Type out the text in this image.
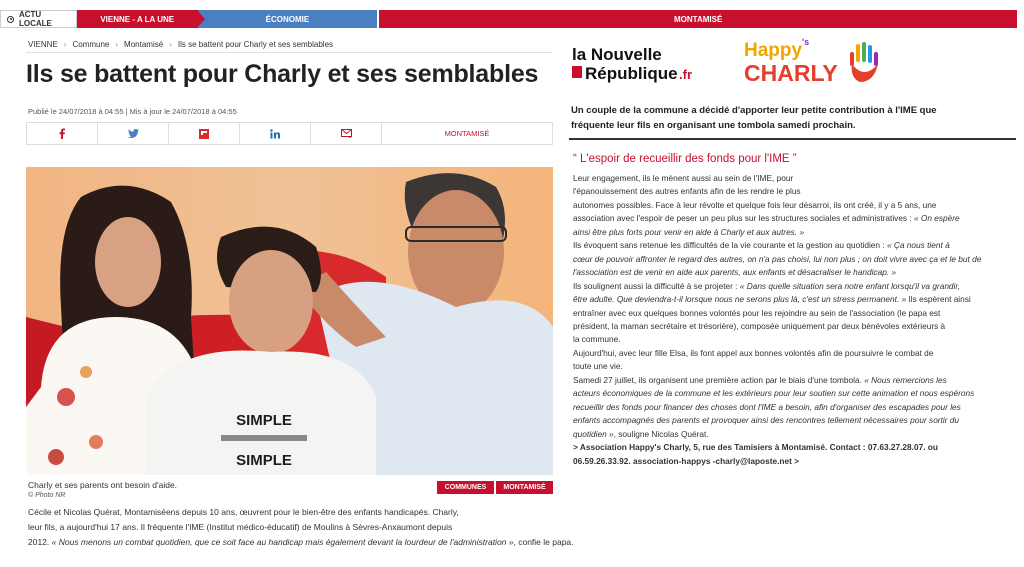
ACTU LOCALE	VIENNE - A LA UNE	ÉCONOMIE	MONTAMISÉ
VIENNE › Commune › Montamisé › Ils se battent pour Charly et ses semblables
Ils se battent pour Charly et ses semblables
Publié le 24/07/2018 à 04:55 | Mis à jour le 24/07/2018 à 04:55
MONTAMISÉ
SIMPLE
SIMPLE
Charly et ses parents ont besoin d'aide.
© Photo NR
COMMUNES	MONTAMISÉ
Cécile et Nicolas Quérat, Montamiséens depuis 10 ans, œuvrent pour le bien-être des enfants handicapés. Charly,
leur fils, a aujourd'hui 17 ans. Il fréquente l'IME (Institut médico-éducatif) de Moulins à Sèvres-Anxaumont depuis
2012. « Nous menons un combat quotidien, que ce soit face au handicap mais également devant la lourdeur de l'administration », confie le papa.
la Nouvelle
République .fr
Happy 's
CHARLY
Un couple de la commune a décidé d'apporter leur petite contribution à l'IME que
fréquente leur fils en organisant une tombola samedi prochain.
“ L'espoir de recueillir des fonds pour l'IME ”
Leur engagement, ils le mènent aussi au sein de l'IME, pour
l'épanouissement des autres enfants afin de les rendre le plus
autonomes possibles. Face à leur révolte et quelque fois leur désarroi, ils ont créé, il y a 5 ans, une
association avec l'espoir de peser un peu plus sur les structures sociales et administratives : « On espère
ainsi être plus forts pour venir en aide à Charly et aux autres. »
Ils évoquent sans retenue les difficultés de la vie courante et la gestion au quotidien : « Ça nous tient à
cœur de pouvoir affronter le regard des autres, on n'a pas choisi, lui non plus ; on doit vivre avec ça et le but de
l'association est de venir en aide aux parents, aux enfants et désacraliser le handicap. »
Ils soulignent aussi la difficulté à se projeter : « Dans quelle situation sera notre enfant lorsqu'il va grandir,
être adulte. Que deviendra-t-il lorsque nous ne serons plus là, c'est un stress permanent. » Ils espèrent ainsi
entraîner avec eux quelques bonnes volontés pour les rejoindre au sein de l'association (le papa est
président, la maman secrétaire et trésorière), composée uniquement par deux bénévoles extérieurs à
la commune.
Aujourd'hui, avec leur fille Elsa, ils font appel aux bonnes volontés afin de poursuivre le combat de
toute une vie.
Samedi 27 juillet, ils organisent une première action par le biais d'une tombola. « Nous remercions les
acteurs économiques de la commune et les extérieurs pour leur soutien sur cette animation et nous espérons
recueillir des fonds pour financer des choses dont l'IME a besoin, afin d'organiser des escapades pour les
enfants accompagnés des parents et provoquer ainsi des rencontres tellement nécessaires pour sortir du
quotidien », souligne Nicolas Quérat.
> Association Happy's Charly, 5, rue des Tamisiers à Montamisé. Contact : 07.63.27.28.07. ou
06.59.26.33.92. association-happys -charly@laposte.net >
